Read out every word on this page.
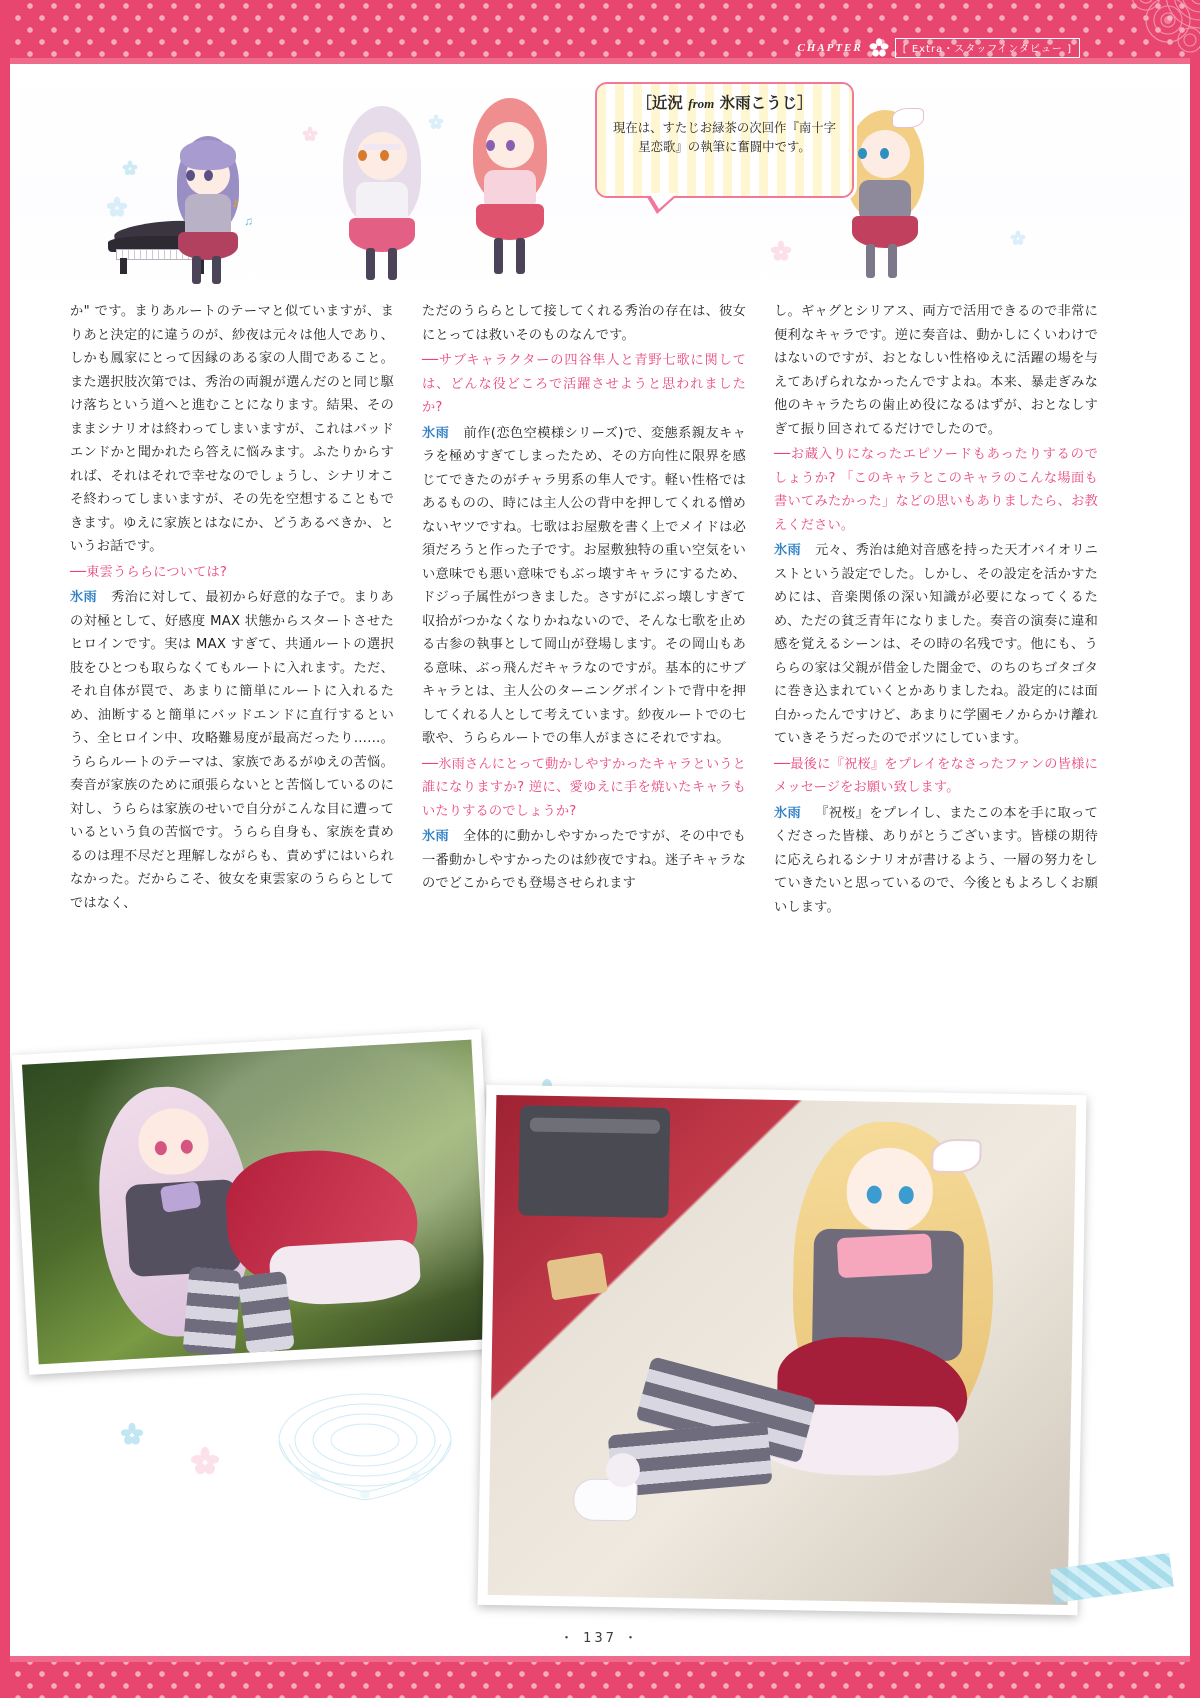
CHAPTER	[ Extra・スタッフインタビュー ]
♪
♫
［近況 from 氷雨こうじ］
現在は、すたじお緑茶の次回作『南十字星恋歌』の執筆に奮闘中です。

か" です。まりあルートのテーマと似ていますが、まりあと決定的に違うのが、紗夜は元々は他人であり、しかも鳳家にとって因縁のある家の人間であること。また選択肢次第では、秀治の両親が選んだのと同じ駆け落ちという道へと進むことになります。結果、そのままシナリオは終わってしまいますが、これはバッドエンドかと聞かれたら答えに悩みます。ふたりからすれば、それはそれで幸せなのでしょうし、シナリオこそ終わってしまいますが、その先を空想することもできます。ゆえに家族とはなにか、どうあるべきか、というお話です。

──東雲うららについては?

氷雨 秀治に対して、最初から好意的な子で。まりあの対極として、好感度 MAX 状態からスタートさせたヒロインです。実は MAX すぎて、共通ルートの選択肢をひとつも取らなくてもルートに入れます。ただ、それ自体が罠で、あまりに簡単にルートに入れるため、油断すると簡単にバッドエンドに直行するという、全ヒロイン中、攻略難易度が最高だったり……。うららルートのテーマは、家族であるがゆえの苦悩。奏音が家族のために頑張らないとと苦悩しているのに対し、うららは家族のせいで自分がこんな目に遭っているという負の苦悩です。うらら自身も、家族を責めるのは理不尽だと理解しながらも、責めずにはいられなかった。だからこそ、彼女を東雲家のうららとしてではなく、

ただのうららとして接してくれる秀治の存在は、彼女にとっては救いそのものなんです。

──サブキャラクターの四谷隼人と青野七歌に関しては、どんな役どころで活躍させようと思われましたか?

氷雨 前作(恋色空模様シリーズ)で、変態系親友キャラを極めすぎてしまったため、その方向性に限界を感じてできたのがチャラ男系の隼人です。軽い性格ではあるものの、時には主人公の背中を押してくれる憎めないヤツですね。七歌はお屋敷を書く上でメイドは必須だろうと作った子です。お屋敷独特の重い空気をいい意味でも悪い意味でもぶっ壊すキャラにするため、ドジっ子属性がつきました。さすがにぶっ壊しすぎて収拾がつかなくなりかねないので、そんな七歌を止める古参の執事として岡山が登場します。その岡山もある意味、ぶっ飛んだキャラなのですが。基本的にサブキャラとは、主人公のターニングポイントで背中を押してくれる人として考えています。紗夜ルートでの七歌や、うららルートでの隼人がまさにそれですね。

──氷雨さんにとって動かしやすかったキャラというと誰になりますか? 逆に、愛ゆえに手を焼いたキャラもいたりするのでしょうか?

氷雨 全体的に動かしやすかったですが、その中でも一番動かしやすかったのは紗夜ですね。迷子キャラなのでどこからでも登場させられます

し。ギャグとシリアス、両方で活用できるので非常に便利なキャラです。逆に奏音は、動かしにくいわけではないのですが、おとなしい性格ゆえに活躍の場を与えてあげられなかったんですよね。本来、暴走ぎみな他のキャラたちの歯止め役になるはずが、おとなしすぎて振り回されてるだけでしたので。

──お蔵入りになったエピソードもあったりするのでしょうか? 「このキャラとこのキャラのこんな場面も書いてみたかった」などの思いもありましたら、お教えください。

氷雨 元々、秀治は絶対音感を持った天才バイオリニストという設定でした。しかし、その設定を活かすためには、音楽関係の深い知識が必要になってくるため、ただの貧乏青年になりました。奏音の演奏に違和感を覚えるシーンは、その時の名残です。他にも、うららの家は父親が借金した闇金で、のちのちゴタゴタに巻き込まれていくとかありましたね。設定的には面白かったんですけど、あまりに学園モノからかけ離れていきそうだったのでボツにしています。

──最後に『祝桜』をプレイをなさったファンの皆様にメッセージをお願い致します。

氷雨 『祝桜』をプレイし、またこの本を手に取ってくださった皆様、ありがとうございます。皆様の期待に応えられるシナリオが書けるよう、一層の努力をしていきたいと思っているので、今後ともよろしくお願いします。

・ 137 ・
